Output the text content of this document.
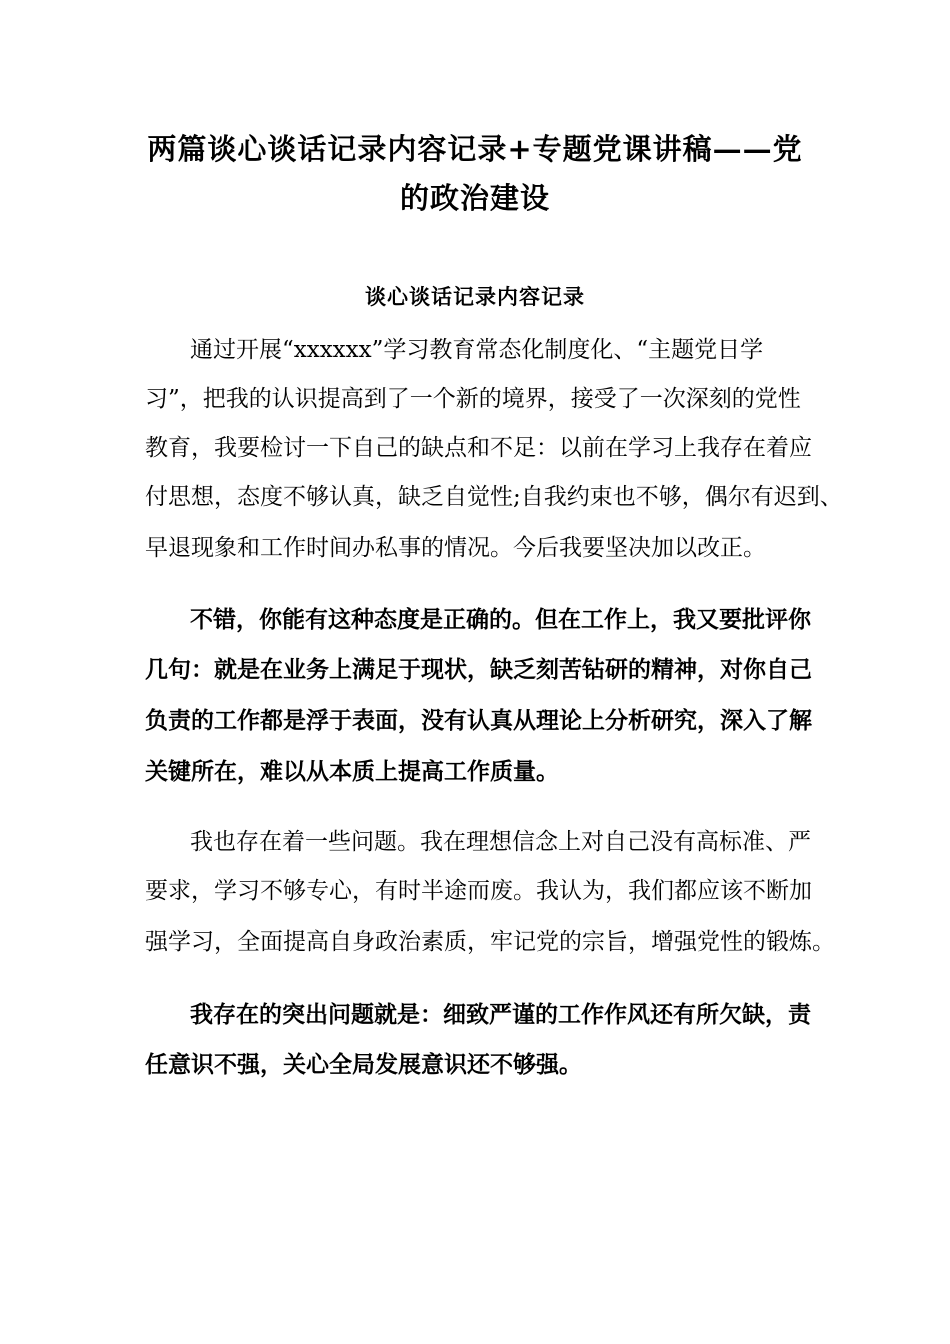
两篇谈心谈话记录内容记录+专题党课讲稿——党
的政治建设
谈心谈话记录内容记录
通过开展“xxxxxx”学习教育常态化制度化、“主题党日学
习”，把我的认识提高到了一个新的境界，接受了一次深刻的党性
教育，我要检讨一下自己的缺点和不足：以前在学习上我存在着应
付思想，态度不够认真，缺乏自觉性;自我约束也不够，偶尔有迟到、
早退现象和工作时间办私事的情况。今后我要坚决加以改正。
不错，你能有这种态度是正确的。但在工作上，我又要批评你
几句：就是在业务上满足于现状，缺乏刻苦钻研的精神，对你自己
负责的工作都是浮于表面，没有认真从理论上分析研究，深入了解
关键所在，难以从本质上提高工作质量。
我也存在着一些问题。我在理想信念上对自己没有高标准、严
要求，学习不够专心，有时半途而废。我认为，我们都应该不断加
强学习，全面提高自身政治素质，牢记党的宗旨，增强党性的锻炼。
我存在的突出问题就是：细致严谨的工作作风还有所欠缺，责
任意识不强，关心全局发展意识还不够强。
